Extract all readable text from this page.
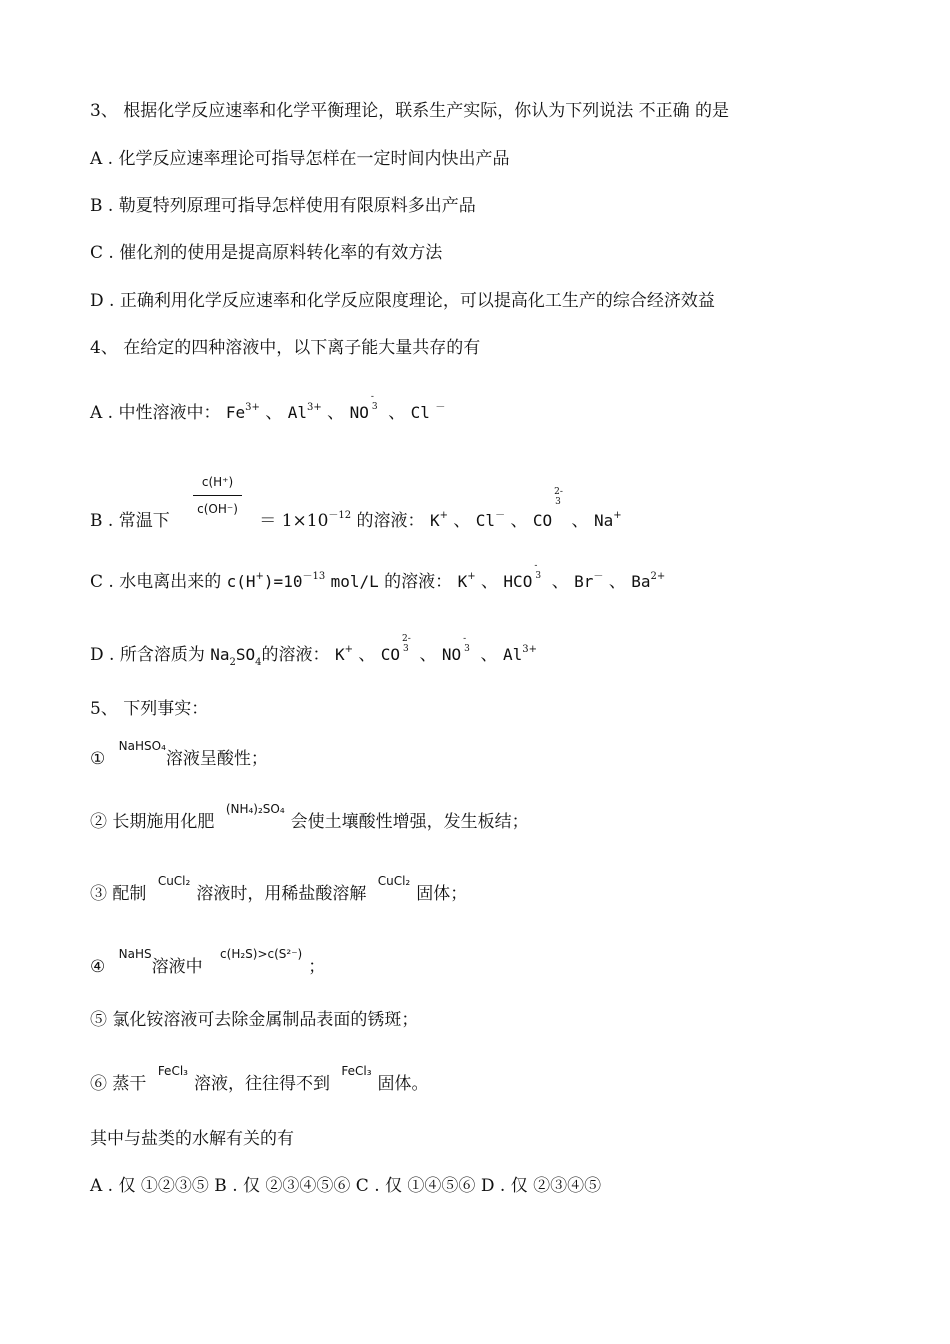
3、 根据化学反应速率和化学平衡理论，联系生产实际，你认为下列说法 不正确 的是
A . 化学反应速率理论可指导怎样在一定时间内快出产品
B . 勒夏特列原理可指导怎样使用有限原料多出产品
C . 催化剂的使用是提高原料转化率的有效方法
D . 正确利用化学反应速率和化学反应限度理论，可以提高化工生产的综合经济效益
4、 在给定的四种溶液中，以下离子能大量共存的有
A . 中性溶液中： $Fe^{3+}$ 、 $Al^{3+}$ 、 NO
-
3 、 Cl －
B . 常温下
$\frac{c(H^+)}{c(OH^-)}$
＝ $1\times 10^{-12}$ 的溶液： K+ 、 Cl－ 、 CO
2-
3
、 Na+
C . 水电离出来的 $c(H^+)=10^{-13}$ mol/L 的溶液： K+ 、 HCO
-
3 、 Br－ 、 $Ba^{2+}$
D . 所含溶质为 $Na_2SO_4$的溶液： K+ 、 CO
2-
3 、 NO
-
3 、 $Al^{3+}$
5、 下列事实：
① NaHSO₄溶液呈酸性；
② 长期施用化肥 (NH₄)₂SO₄会使土壤酸性增强，发生板结；
③ 配制 CuCl₂溶液时，用稀盐酸溶解 CuCl₂固体；
④ NaHS溶液中 c(H₂S)>c(S²⁻)；
⑤ 氯化铵溶液可去除金属制品表面的锈斑；
⑥ 蒸干 FeCl₃溶液，往往得不到 FeCl₃固体。
其中与盐类的水解有关的有
A . 仅 ①②③⑤ B . 仅 ②③④⑤⑥ C . 仅 ①④⑤⑥ D . 仅 ②③④⑤
